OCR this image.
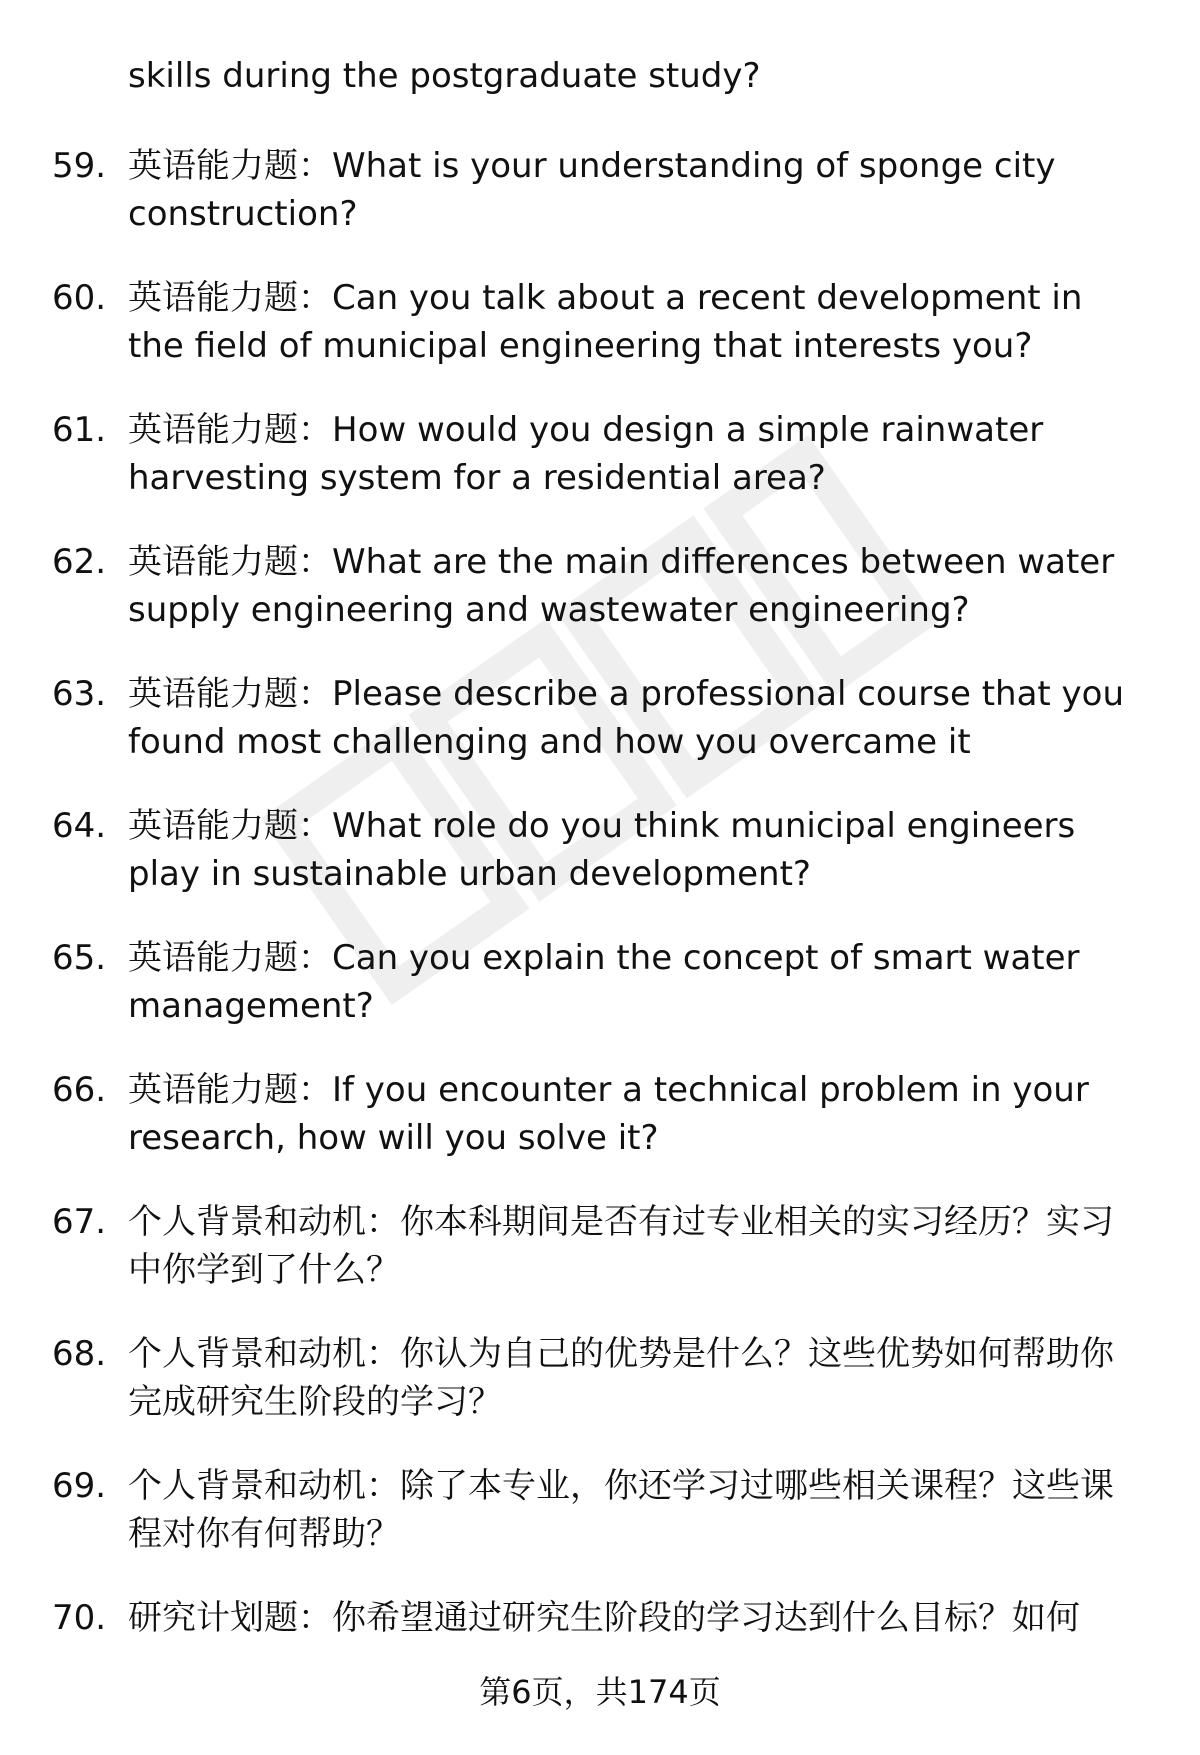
skills during the postgraduate study?

59. 英语能力题：What is your understanding of sponge city construction?

60. 英语能力题：Can you talk about a recent development in the field of municipal engineering that interests you?

61. 英语能力题：How would you design a simple rainwater harvesting system for a residential area?

62. 英语能力题：What are the main differences between water supply engineering and wastewater engineering?

63. 英语能力题：Please describe a professional course that you found most challenging and how you overcame it

64. 英语能力题：What role do you think municipal engineers play in sustainable urban development?

65. 英语能力题：Can you explain the concept of smart water management?

66. 英语能力题：If you encounter a technical problem in your research, how will you solve it?

67. 个人背景和动机：你本科期间是否有过专业相关的实习经历？实习中你学到了什么？

68. 个人背景和动机：你认为自己的优势是什么？这些优势如何帮助你完成研究生阶段的学习？

69. 个人背景和动机：除了本专业，你还学习过哪些相关课程？这些课程对你有何帮助？

70. 研究计划题：你希望通过研究生阶段的学习达到什么目标？如何

第6页，共174页
